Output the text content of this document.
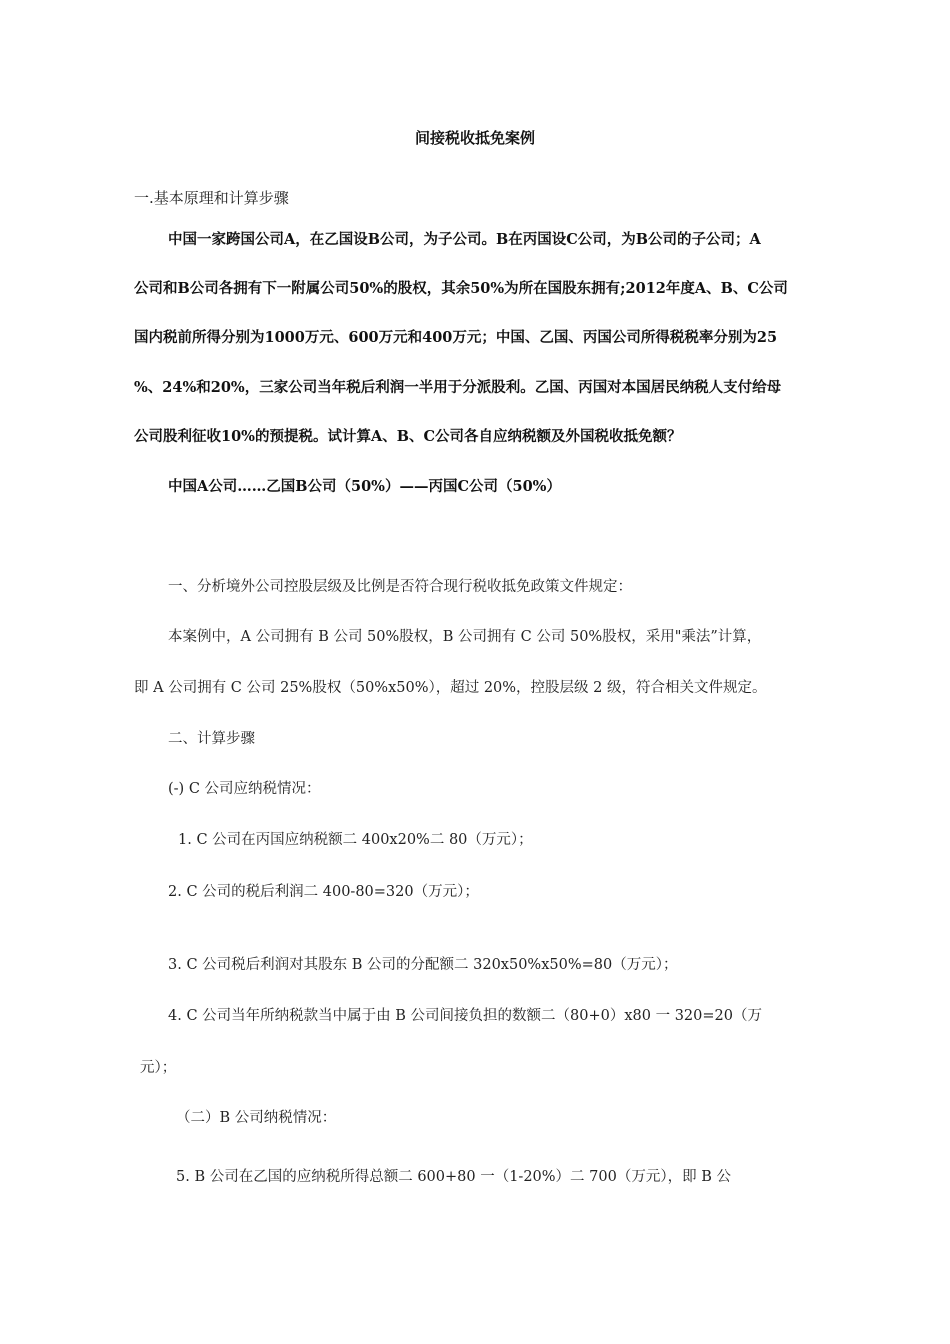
间接税收抵免案例
一.基本原理和计算步骤
中国一家跨国公司A，在乙国设B公司，为子公司。B在丙国设C公司，为B公司的子公司；A
公司和B公司各拥有下一附属公司50%的股权，其余50%为所在国股东拥有;2012年度A、B、C公司
国内税前所得分别为1000万元、600万元和400万元；中国、乙国、丙国公司所得税税率分别为25
%、24%和20%，三家公司当年税后利润一半用于分派股利。乙国、丙国对本国居民纳税人支付给母
公司股利征收10%的预提税。试计算A、B、C公司各自应纳税额及外国税收抵免额？
中国A公司……乙国B公司（50%）——丙国C公司（50%）
一、分析境外公司控股层级及比例是否符合现行税收抵免政策文件规定：
本案例中，A 公司拥有 B 公司 50%股权，B 公司拥有 C 公司 50%股权，采用"乘法”计算，
即 A 公司拥有 C 公司 25%股权（50%x50%），超过 20%，控股层级 2 级，符合相关文件规定。
二、计算步骤
(-) C 公司应纳税情况：
1. C 公司在丙国应纳税额二 400x20%二 80（万元）；
2. C 公司的税后利润二 400-80=320（万元）；
3. C 公司税后利润对其股东 B 公司的分配额二 320x50%x50%=80（万元）；
4. C 公司当年所纳税款当中属于由 B 公司间接负担的数额二（80+0）x80 一 320=20（万
元）；
（二）B 公司纳税情况：
5. B 公司在乙国的应纳税所得总额二 600+80 一（1-20%）二 700（万元），即 B 公
